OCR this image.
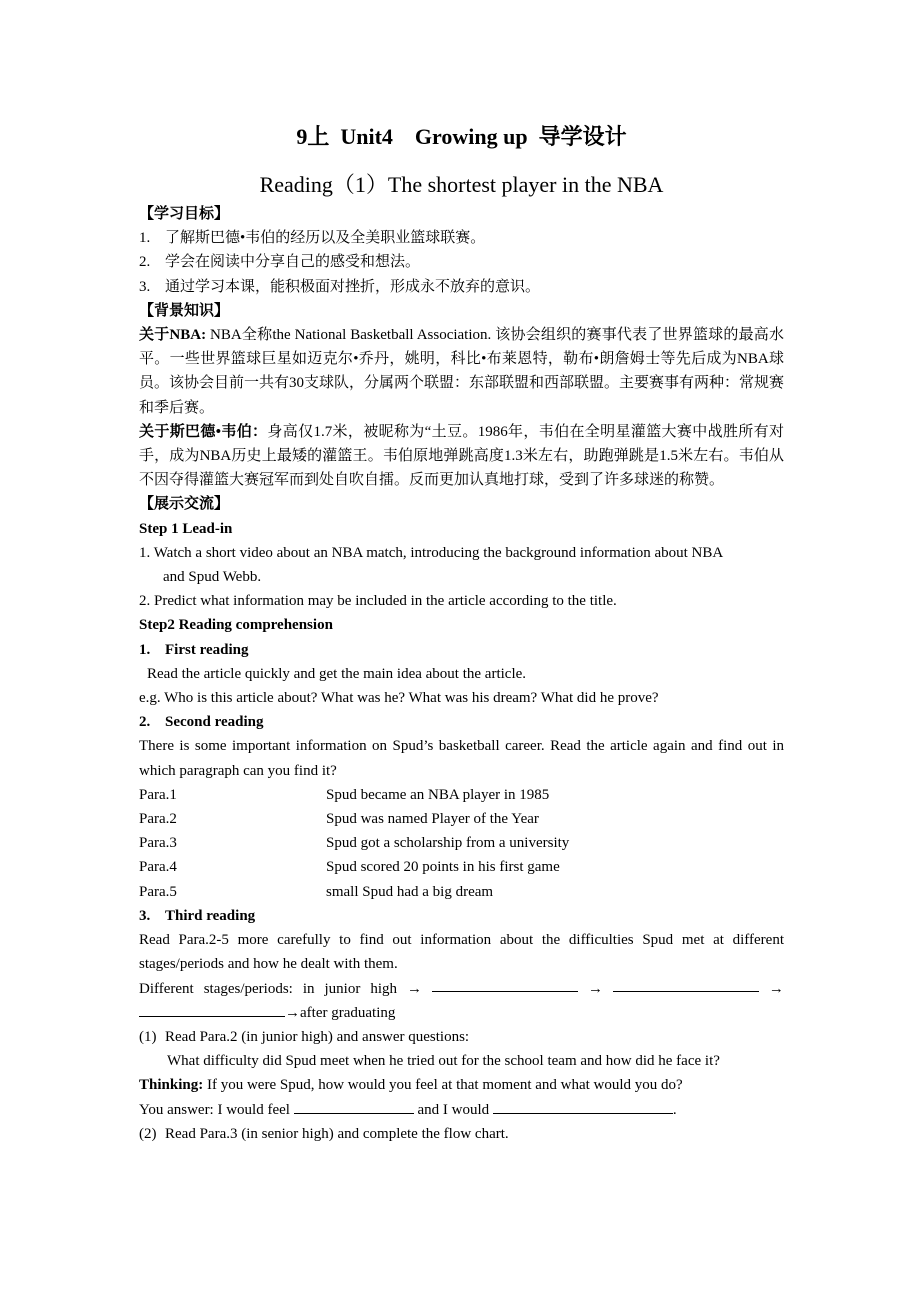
9上  Unit4    Growing up  导学设计
Reading（1）The shortest player in the NBA
【学习目标】
1. 了解斯巴德•韦伯的经历以及全美职业篮球联赛。
2. 学会在阅读中分享自己的感受和想法。
3. 通过学习本课，能积极面对挫折，形成永不放弃的意识。
【背景知识】
关于NBA: NBA全称the National Basketball Association. 该协会组织的赛事代表了世界篮球的最高水平。一些世界篮球巨星如迈克尔•乔丹，姚明，科比•布莱恩特，勒布•朗詹姆士等先后成为NBA球员。该协会目前一共有30支球队，分属两个联盟：东部联盟和西部联盟。主要赛事有两种：常规赛和季后赛。
关于斯巴德•韦伯：身高仅1.7米，被昵称为“土豆。1986年，韦伯在全明星灌篮大赛中战胜所有对手，成为NBA历史上最矮的灌篮王。韦伯原地弹跳高度1.3米左右，助跑弹跳是1.5米左右。韦伯从不因夺得灌篮大赛冠军而到处自吹自擂。反而更加认真地打球，受到了许多球迷的称赞。
【展示交流】
Step 1 Lead-in
1. Watch a short video about an NBA match, introducing the background information about NBA
and Spud Webb.
2. Predict what information may be included in the article according to the title.
Step2 Reading comprehension
1. First reading
Read the article quickly and get the main idea about the article.
e.g. Who is this article about? What was he? What was his dream? What did he prove?
2. Second reading
There is some important information on Spud’s basketball career. Read the article again and find out in which paragraph can you find it?
Para.1	Spud became an NBA player in 1985
Para.2	Spud was named Player of the Year
Para.3	Spud got a scholarship from a university
Para.4	Spud scored 20 points in his first game
Para.5	small Spud had a big dream
3. Third reading
Read Para.2-5 more carefully to find out information about the difficulties Spud met at different stages/periods and how he dealt with them.
Different stages/periods: in junior high →	→	→
→after graduating
(1) Read Para.2 (in junior high) and answer questions:
What difficulty did Spud meet when he tried out for the school team and how did he face it?
Thinking: If you were Spud, how would you feel at that moment and what would you do?
You answer: I would feel	and I would	.
(2) Read Para.3 (in senior high) and complete the flow chart.
